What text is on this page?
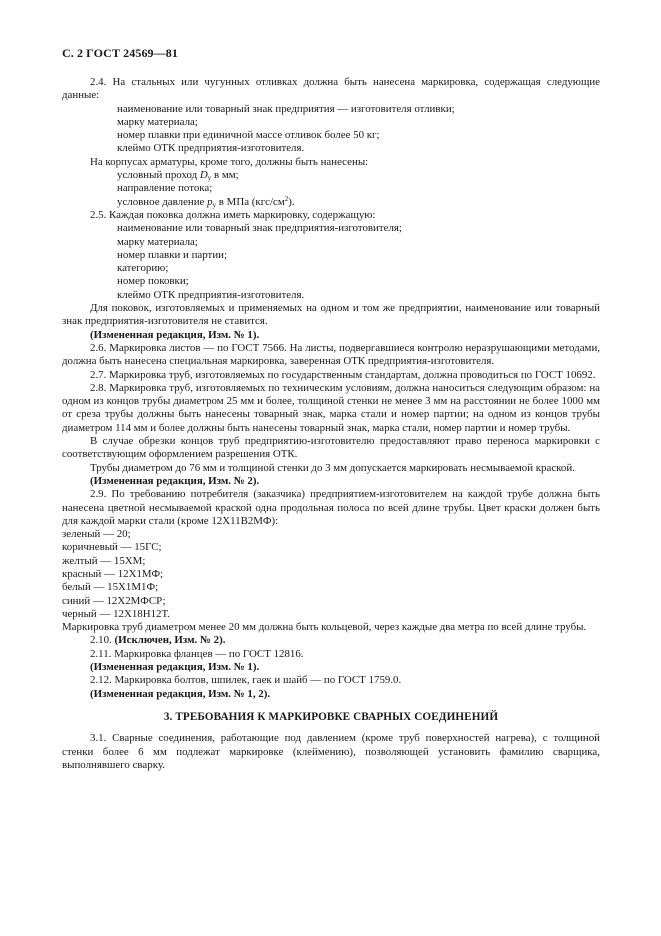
С. 2 ГОСТ 24569—81

2.4. На стальных или чугунных отливках должна быть нанесена маркировка, содержащая следующие данные:

наименование или товарный знак предприятия — изготовителя отливки;

марку материала;

номер плавки при единичной массе отливок более 50 кг;

клеймо ОТК предприятия-изготовителя.

На корпусах арматуры, кроме того, должны быть нанесены:

условный проход $D_у$ в мм;

направление потока;

условное давление $p_у$ в МПа $(кгс/см^2)$.

2.5. Каждая поковка должна иметь маркировку, содержащую:

наименование или товарный знак предприятия-изготовителя;

марку материала;

номер плавки и партии;

категорию;

номер поковки;

клеймо ОТК предприятия-изготовителя.

Для поковок, изготовляемых и применяемых на одном и том же предприятии, наименование или товарный знак предприятия-изготовителя не ставится.

(Измененная редакция, Изм. № 1).

2.6. Маркировка листов — по ГОСТ 7566. На листы, подвергавшиеся контролю неразрушающими методами, должна быть нанесена специальная маркировка, заверенная ОТК предприятия-изготовителя.

2.7. Маркировка труб, изготовляемых по государственным стандартам, должна проводиться по ГОСТ 10692.

2.8. Маркировка труб, изготовляемых по техническим условиям, должна наноситься следующим образом: на одном из концов трубы диаметром 25 мм и более, толщиной стенки не менее 3 мм на расстоянии не более 1000 мм от среза трубы должны быть нанесены товарный знак, марка стали и номер партии; на одном из концов трубы диаметром 114 мм и более должны быть нанесены товарный знак, марка стали, номер партии и номер трубы.

В случае обрезки концов труб предприятию-изготовителю предоставляют право переноса маркировки с соответствующим оформлением разрешения ОТК.

Трубы диаметром до 76 мм и толщиной стенки до 3 мм допускается маркировать несмываемой краской.

(Измененная редакция, Изм. № 2).

2.9. По требованию потребителя (заказчика) предприятием-изготовителем на каждой трубе должна быть нанесена цветной несмываемой краской одна продольная полоса по всей длине трубы. Цвет краски должен быть для каждой марки стали (кроме 12Х11В2МФ):

зеленый — 20;

коричневый — 15ГС;

желтый — 15ХМ;

красный — 12Х1МФ;

белый — 15Х1М1Ф;

синий — 12Х2МФСР;

черный — 12Х18Н12Т.

Маркировка труб диаметром менее 20 мм должна быть кольцевой, через каждые два метра по всей длине трубы.

2.10. (Исключен, Изм. № 2).

2.11. Маркировка фланцев — по ГОСТ 12816.

(Измененная редакция, Изм. № 1).

2.12. Маркировка болтов, шпилек, гаек и шайб — по ГОСТ 1759.0.

(Измененная редакция, Изм. № 1, 2).

3. ТРЕБОВАНИЯ К МАРКИРОВКЕ СВАРНЫХ СОЕДИНЕНИЙ

3.1. Сварные соединения, работающие под давлением (кроме труб поверхностей нагрева), с толщиной стенки более 6 мм подлежат маркировке (клеймению), позволяющей установить фамилию сварщика, выполнявшего сварку.
